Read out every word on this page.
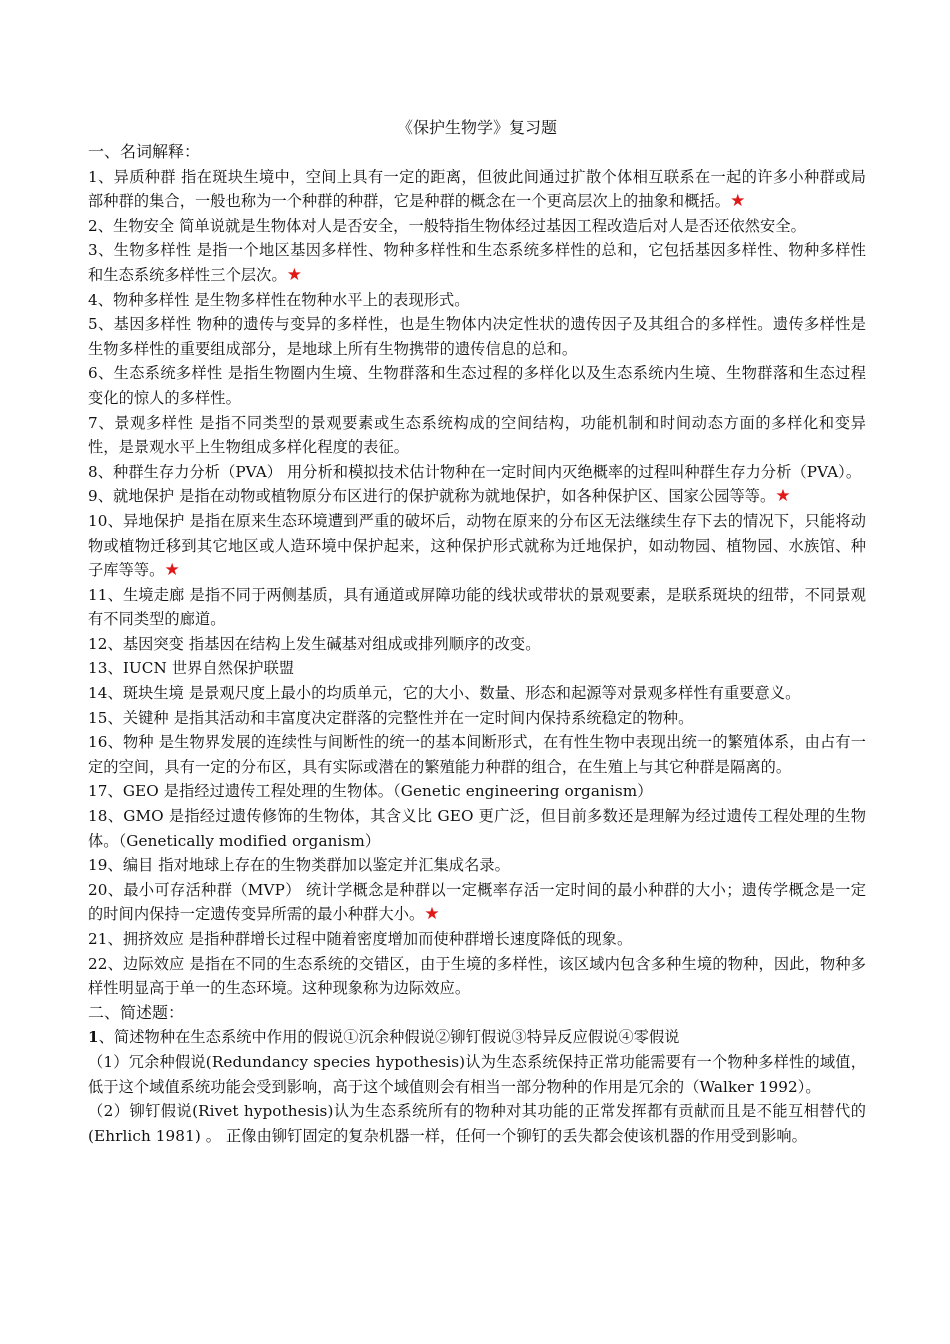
《保护生物学》复习题
一、名词解释：

1、异质种群 指在斑块生境中，空间上具有一定的距离，但彼此间通过扩散个体相互联系在一起的许多小种群或局部种群的集合，一般也称为一个种群的种群，它是种群的概念在一个更高层次上的抽象和概括。★

2、生物安全 简单说就是生物体对人是否安全，一般特指生物体经过基因工程改造后对人是否还依然安全。

3、生物多样性 是指一个地区基因多样性、物种多样性和生态系统多样性的总和，它包括基因多样性、物种多样性和生态系统多样性三个层次。★

4、物种多样性 是生物多样性在物种水平上的表现形式。

5、基因多样性 物种的遗传与变异的多样性，也是生物体内决定性状的遗传因子及其组合的多样性。遗传多样性是生物多样性的重要组成部分，是地球上所有生物携带的遗传信息的总和。

6、生态系统多样性 是指生物圈内生境、生物群落和生态过程的多样化以及生态系统内生境、生物群落和生态过程变化的惊人的多样性。

7、景观多样性 是指不同类型的景观要素或生态系统构成的空间结构，功能机制和时间动态方面的多样化和变异性，是景观水平上生物组成多样化程度的表征。

8、种群生存力分析（PVA） 用分析和模拟技术估计物种在一定时间内灭绝概率的过程叫种群生存力分析（PVA）。

9、就地保护 是指在动物或植物原分布区进行的保护就称为就地保护，如各种保护区、国家公园等等。★

10、异地保护 是指在原来生态环境遭到严重的破坏后，动物在原来的分布区无法继续生存下去的情况下，只能将动物或植物迁移到其它地区或人造环境中保护起来，这种保护形式就称为迁地保护，如动物园、植物园、水族馆、种子库等等。★

11、生境走廊 是指不同于两侧基质，具有通道或屏障功能的线状或带状的景观要素，是联系斑块的纽带，不同景观有不同类型的廊道。

12、基因突变 指基因在结构上发生碱基对组成或排列顺序的改变。

13、IUCN 世界自然保护联盟

14、斑块生境 是景观尺度上最小的均质单元，它的大小、数量、形态和起源等对景观多样性有重要意义。

15、关键种 是指其活动和丰富度决定群落的完整性并在一定时间内保持系统稳定的物种。

16、物种 是生物界发展的连续性与间断性的统一的基本间断形式，在有性生物中表现出统一的繁殖体系，由占有一定的空间，具有一定的分布区，具有实际或潜在的繁殖能力种群的组合，在生殖上与其它种群是隔离的。

17、GEO 是指经过遗传工程处理的生物体。（Genetic engineering organism）

18、GMO 是指经过遗传修饰的生物体，其含义比 GEO 更广泛，但目前多数还是理解为经过遗传工程处理的生物体。（Genetically modified organism）

19、编目 指对地球上存在的生物类群加以鉴定并汇集成名录。

20、最小可存活种群（MVP） 统计学概念是种群以一定概率存活一定时间的最小种群的大小；遗传学概念是一定的时间内保持一定遗传变异所需的最小种群大小。★

21、拥挤效应 是指种群增长过程中随着密度增加而使种群增长速度降低的现象。

22、边际效应 是指在不同的生态系统的交错区，由于生境的多样性，该区域内包含多种生境的物种，因此，物种多样性明显高于单一的生态环境。这种现象称为边际效应。

二、简述题：

1、简述物种在生态系统中作用的假说①沉余种假说②铆钉假说③特异反应假说④零假说

（1）冗余种假说(Redundancy species hypothesis)认为生态系统保持正常功能需要有一个物种多样性的域值，低于这个域值系统功能会受到影响，高于这个域值则会有相当一部分物种的作用是冗余的（Walker 1992）。

（2）铆钉假说(Rivet hypothesis)认为生态系统所有的物种对其功能的正常发挥都有贡献而且是不能互相替代的(Ehrlich 1981) 。 正像由铆钉固定的复杂机器一样，任何一个铆钉的丢失都会使该机器的作用受到影响。
